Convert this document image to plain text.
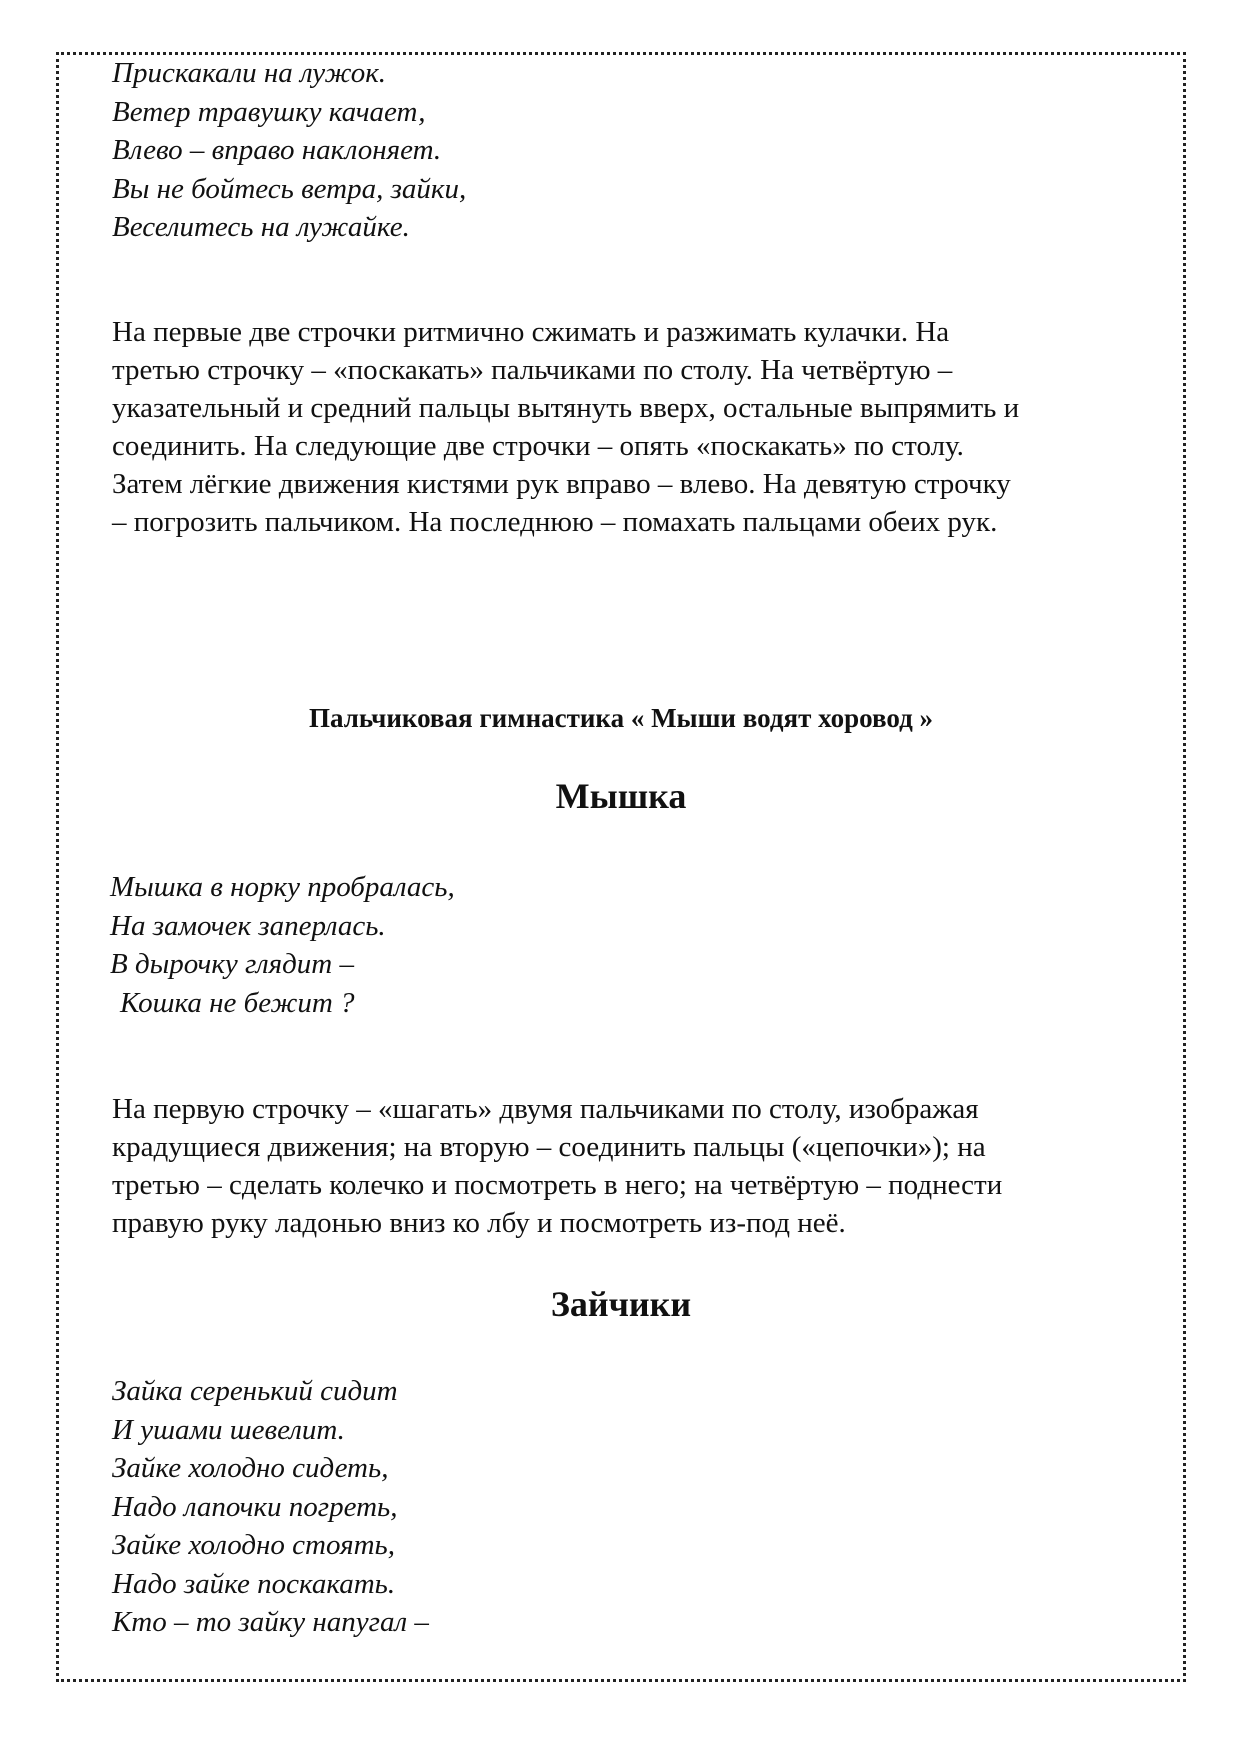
Прискакали на лужок.
Ветер травушку качает,
Влево – вправо наклоняет.
Вы не бойтесь ветра, зайки,
Веселитесь на лужайке.

На первые две строчки ритмично сжимать и разжимать кулачки. На
третью строчку – «поскакать» пальчиками по столу. На четвёртую –
указательный и средний пальцы вытянуть вверх, остальные выпрямить и
соединить. На следующие две строчки – опять «поскакать» по столу.
Затем лёгкие движения кистями рук вправо – влево. На девятую строчку
– погрозить пальчиком. На последнюю – помахать пальцами обеих рук.

Пальчиковая гимнастика « Мыши водят хоровод »
Мышка
Мышка в норку пробралась,
На замочек заперлась.
В дырочку глядит –
Кошка не бежит ?

На первую строчку – «шагать» двумя пальчиками по столу, изображая
крадущиеся движения; на вторую – соединить пальцы («цепочки»); на
третью – сделать колечко и посмотреть в него; на четвёртую – поднести
правую руку ладонью вниз ко лбу и посмотреть из-под неё.

Зайчики
Зайка серенький сидит
И ушами шевелит.
Зайке холодно сидеть,
Надо лапочки погреть,
Зайке холодно стоять,
Надо зайке поскакать.
Кто – то зайку напугал –
